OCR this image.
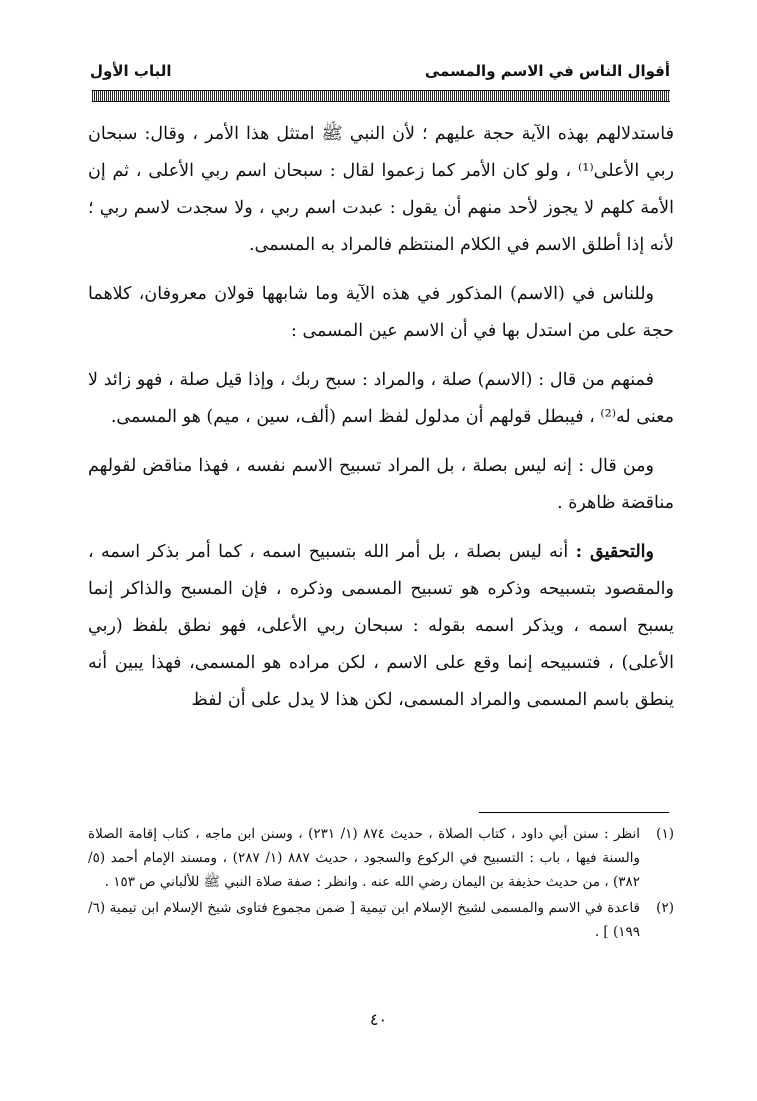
أقوال الناس في الاسم والمسمى
الباب الأول

فاستدلالهم بهذه الآية حجة عليهم ؛ لأن النبي ﷺ امتثل هذا الأمر ، وقال: سبحان ربي الأعلى⁽¹⁾ ، ولو كان الأمر كما زعموا لقال : سبحان اسم ربي الأعلى ، ثم إن الأمة كلهم لا يجوز لأحد منهم أن يقول : عبدت اسم ربي ، ولا سجدت لاسم ربي ؛ لأنه إذا أطلق الاسم في الكلام المنتظم فالمراد به المسمى.

وللناس في (الاسم) المذكور في هذه الآية وما شابهها قولان معروفان، كلاهما حجة على من استدل بها في أن الاسم عين المسمى :

فمنهم من قال : (الاسم) صلة ، والمراد : سبح ربك ، وإذا قيل صلة ، فهو زائد لا معنى له⁽²⁾ ، فيبطل قولهم أن مدلول لفظ اسم (ألف، سين ، ميم) هو المسمى.

ومن قال : إنه ليس بصلة ، بل المراد تسبيح الاسم نفسه ، فهذا مناقض لقولهم مناقضة ظاهرة .

والتحقيق : أنه ليس بصلة ، بل أمر الله بتسبيح اسمه ، كما أمر بذكر اسمه ، والمقصود بتسبيحه وذكره هو تسبيح المسمى وذكره ، فإن المسبح والذاكر إنما يسبح اسمه ، ويذكر اسمه بقوله : سبحان ربي الأعلى، فهو نطق بلفظ (ربي الأعلى) ، فتسبيحه إنما وقع على الاسم ، لكن مراده هو المسمى، فهذا يبين أنه ينطق باسم المسمى والمراد المسمى، لكن هذا لا يدل على أن لفظ

(١)
انظر : سنن أبي داود ، كتاب الصلاة ، حديث ٨٧٤ (١/ ٢٣١) ، وسنن ابن ماجه ، كتاب إقامة الصلاة والسنة فيها ، باب : التسبيح في الركوع والسجود ، حديث ٨٨٧ (١/ ٢٨٧) ، ومسند الإمام أحمد (٥/ ٣٨٢) ، من حديث حذيفة بن اليمان رضي الله عنه . وانظر : صفة صلاة النبي ﷺ للألباني ص ١٥٣ .

(٢)
قاعدة في الاسم والمسمى لشيخ الإسلام ابن تيمية [ ضمن مجموع فتاوى شيخ الإسلام ابن تيمية (٦/ ١٩٩) ] .

٤٠
